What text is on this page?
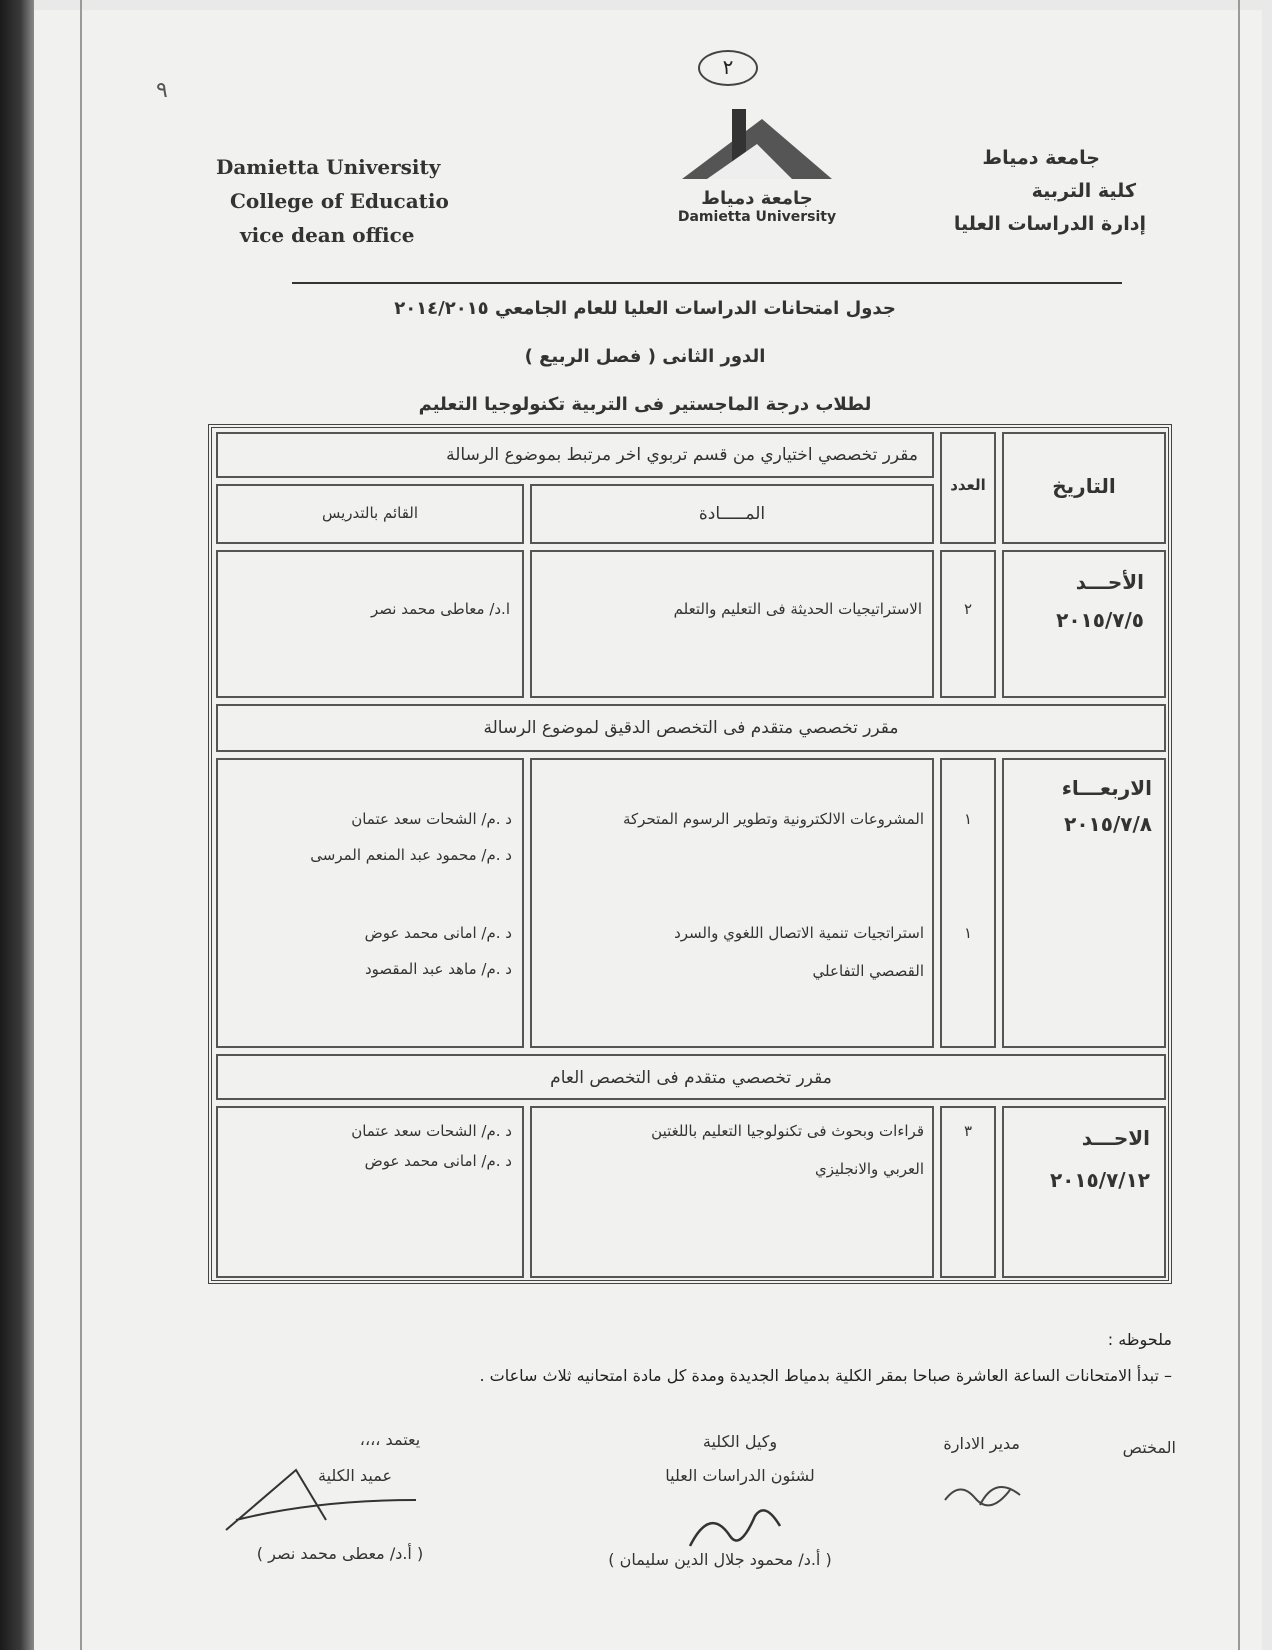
٩
٢
Damietta University
College of Educatio
vice dean office
جامعة دمياط
Damietta University
جامعة دمياط
كلية التربية
إدارة الدراسات العليا
جدول امتحانات الدراسات العليا للعام الجامعي ٢٠١٤/٢٠١٥
الدور الثانى ( فصل الربيع )
لطلاب درجة الماجستير فى التربية تكنولوجيا التعليم
التاريخ
العدد
مقرر تخصصي اختياري من قسم تربوي اخر مرتبط بموضوع الرسالة
المـــــادة
القائم بالتدريس
الأحـــد
٢٠١٥/٧/٥
٢
الاستراتيجيات الحديثة فى التعليم والتعلم
ا.د/ معاطى محمد نصر
مقرر تخصصي متقدم فى التخصص الدقيق لموضوع الرسالة
الاربعـــاء
٢٠١٥/٧/٨
١
١
المشروعات الالكترونية وتطوير الرسوم المتحركة
استراتجيات تنمية الاتصال اللغوي والسرد
القصصي التفاعلي
د .م/ الشحات سعد عتمان
د .م/ محمود عبد المنعم المرسى
د .م/ امانى محمد عوض
د .م/ ماهد عبد المقصود
مقرر تخصصي متقدم فى التخصص العام
الاحـــد
٢٠١٥/٧/١٢
٣
قراءات وبحوث فى تكنولوجيا التعليم باللغتين
العربي والانجليزي
د .م/ الشحات سعد عتمان
د .م/ امانى محمد عوض
ملحوظه :
– تبدأ الامتحانات الساعة العاشرة صباحا بمقر الكلية بدمياط الجديدة ومدة كل مادة امتحانيه ثلاث ساعات .
المختص
مدير الادارة
وكيل الكلية
لشئون الدراسات العليا
( أ.د/ محمود جلال الدين سليمان )
يعتمد ،،،،
عميد الكلية
( أ.د/ معطى محمد نصر )
